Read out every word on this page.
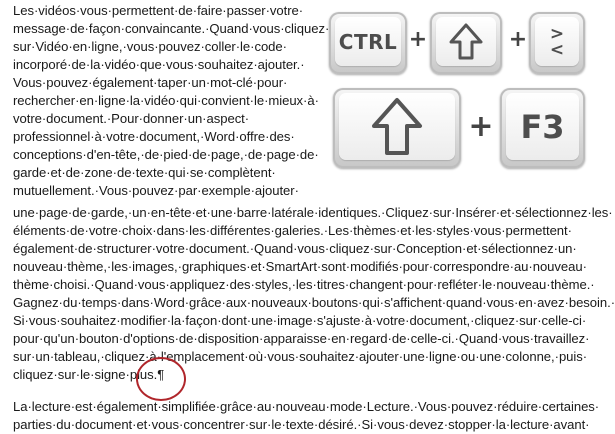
Les·vidéos·vous·permettent·de·faire·passer·votre·
message·de·façon·convaincante.·Quand·vous·cliquez·
sur·Vidéo·en·ligne,·vous·pouvez·coller·le·code·
incorporé·de·la·vidéo·que·vous·souhaitez·ajouter.·
Vous·pouvez·également·taper·un·mot-clé·pour·
rechercher·en·ligne·la·vidéo·qui·convient·le·mieux·à·
votre·document.·Pour·donner·un·aspect·
professionnel·à·votre·document,·Word·offre·des·
conceptions·d'en-tête,·de·pied·de·page,·de·page·de·
garde·et·de·zone·de·texte·qui·se·complètent·
mutuellement.·Vous·pouvez·par·exemple·ajouter·
une·page·de·garde,·un·en-tête·et·une·barre·latérale·identiques.·Cliquez·sur·Insérer·et·sélectionnez·les·
éléments·de·votre·choix·dans·les·différentes·galeries.·Les·thèmes·et·les·styles·vous·permettent·
également·de·structurer·votre·document.·Quand·vous·cliquez·sur·Conception·et·sélectionnez·un·
nouveau·thème,·les·images,·graphiques·et·SmartArt·sont·modifiés·pour·correspondre·au·nouveau·
thème·choisi.·Quand·vous·appliquez·des·styles,·les·titres·changent·pour·refléter·le·nouveau·thème.·
Gagnez·du·temps·dans·Word·grâce·aux·nouveaux·boutons·qui·s'affichent·quand·vous·en·avez·besoin.·
Si·vous·souhaitez·modifier·la·façon·dont·une·image·s'ajuste·à·votre·document,·cliquez·sur·celle-ci·
pour·qu'un·bouton·d'options·de·disposition·apparaisse·en·regard·de·celle-ci.·Quand·vous·travaillez·
sur·un·tableau,·cliquez·à·l'emplacement·où·vous·souhaitez·ajouter·une·ligne·ou·une·colonne,·puis·
cliquez·sur·le·signe·plus.¶
La·lecture·est·également·simplifiée·grâce·au·nouveau·mode·Lecture.·Vous·pouvez·réduire·certaines·
parties·du·document·et·vous·concentrer·sur·le·texte·désiré.·Si·vous·devez·stopper·la·lecture·avant·
CTRL +	+ > <
+ F3
